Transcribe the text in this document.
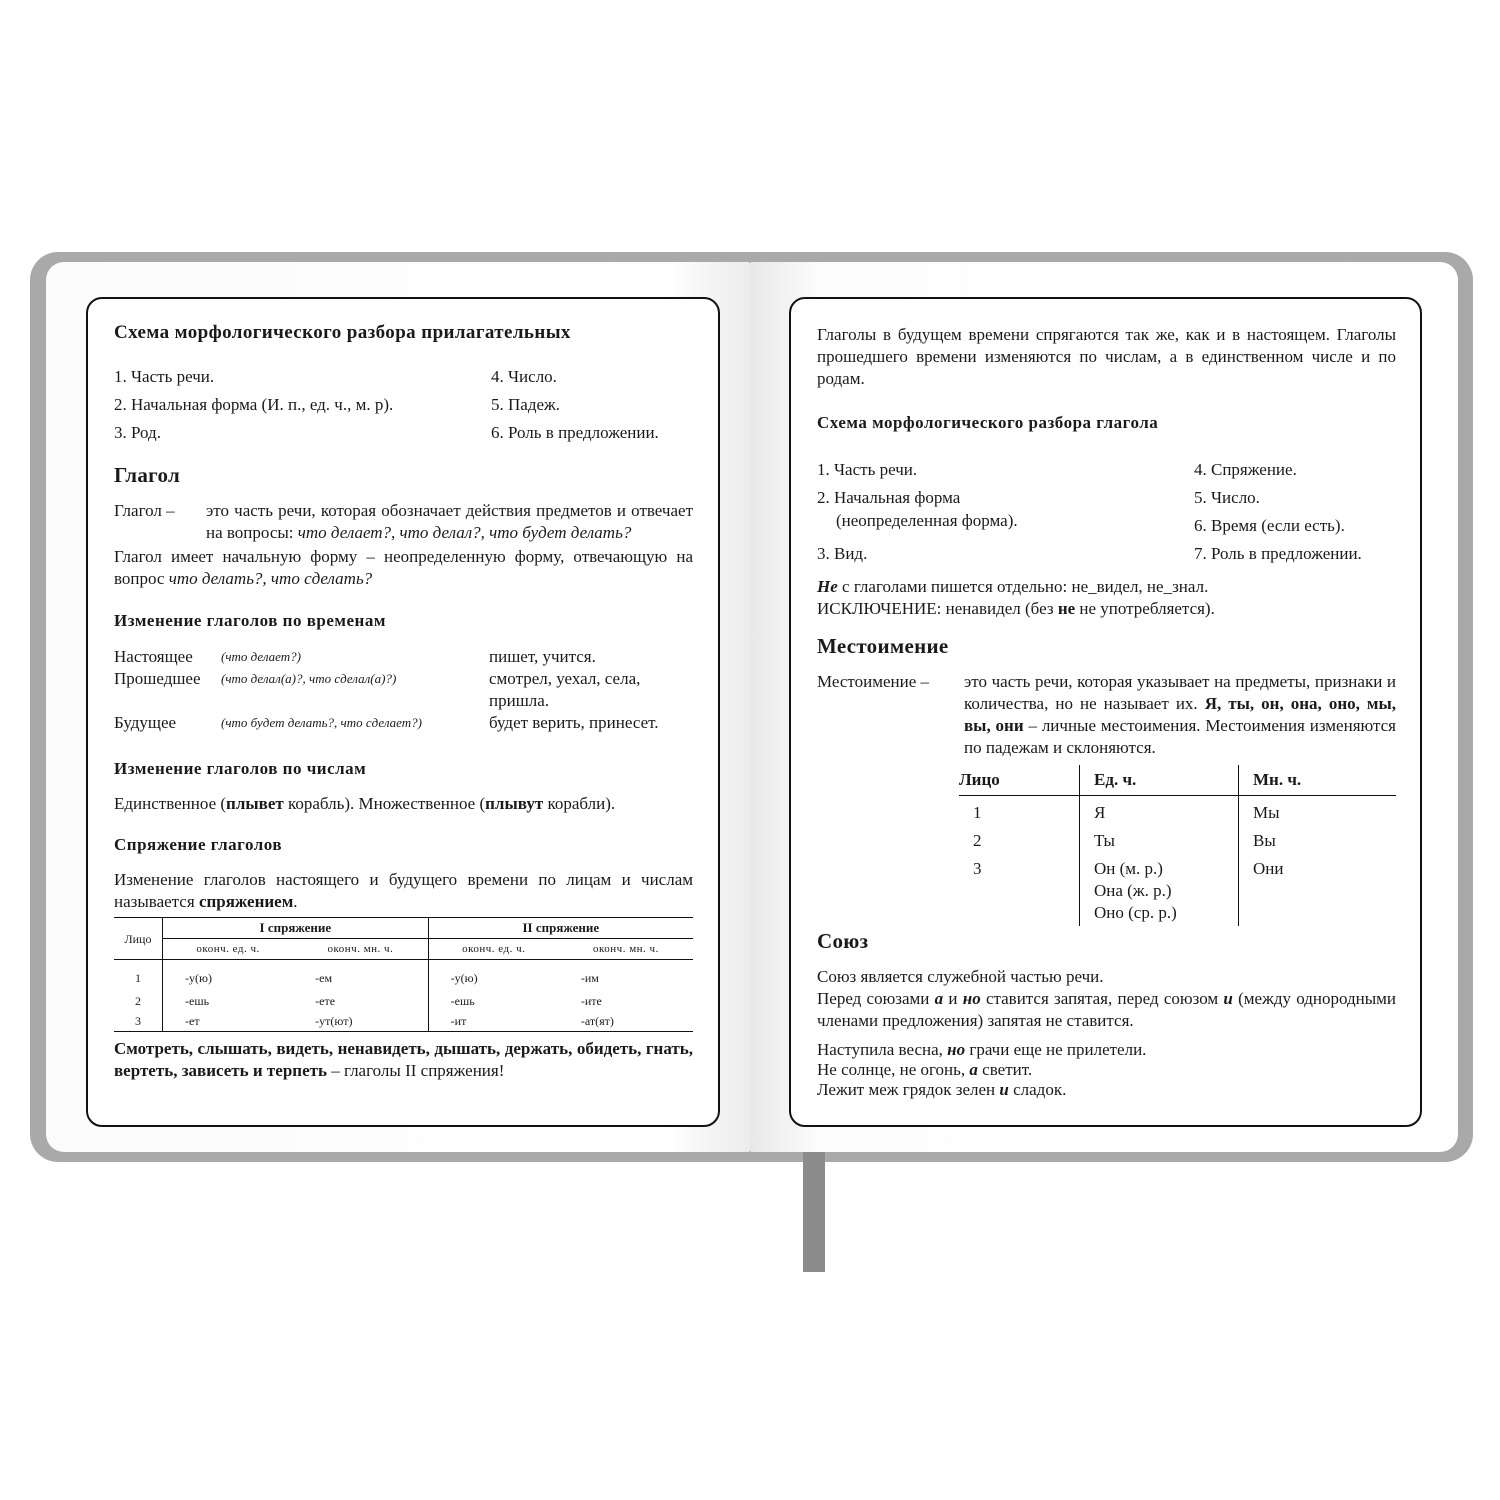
Схема морфологического разбора прилагательных
1. Часть речи.
2. Начальная форма (И. п., ед. ч., м. р).
3. Род.
4. Число.
5. Падеж.
6. Роль в предложении.
Глагол
Глагол –	это часть речи, которая обозначает действия предметов и отвечает на вопросы: что делает?, что делал?, что будет делать?
Глагол имеет начальную форму – неопределенную форму, отвечающую на вопрос что делать?, что сделать?
Изменение глаголов по временам
Настоящее	(что делает?)	пишет, учится.
Прошедшее	(что делал(а)?, что сделал(а)?)	смотрел, уехал, села, пришла.
Будущее	(что будет делать?, что сделает?)	будет верить, принесет.
Изменение глаголов по числам
Единственное (плывет корабль). Множественное (плывут корабли).
Спряжение глаголов
Изменение глаголов настоящего и будущего времени по лицам и числам называется спряжением.
Лицо	I спряжение		II спряжение	
	оконч. ед. ч.	оконч. мн. ч.	оконч. ед. ч.	оконч. мн. ч.
1	-у(ю)	-ем	-у(ю)	-им
2	-ешь	-ете	-ешь	-ите
3	-ет	-ут(ют)	-ит	-ат(ят)
Смотреть, слышать, видеть, ненавидеть, дышать, держать, обидеть, гнать, вертеть, зависеть и терпеть – глаголы II спряжения!
Глаголы в будущем времени спрягаются так же, как и в настоящем. Глаголы прошедшего времени изменяются по числам, а в единственном числе и по родам.
Схема морфологического разбора глагола
1. Часть речи.
2. Начальная форма
(неопределенная форма).
3. Вид.
4. Спряжение.
5. Число.
6. Время (если есть).
7. Роль в предложении.
Не с глаголами пишется отдельно: не_видел, не_знал.
ИСКЛЮЧЕНИЕ: ненавидел (без не не употребляется).
Местоимение
Местоимение –	это часть речи, которая указывает на предметы, признаки и количества, но не называет их. Я, ты, он, она, оно, мы, вы, они – личные местоимения. Местоимения изменяются по падежам и склоняются.
Лицо	Ед. ч.	Мн. ч.
1	Я	Мы
2	Ты	Вы
3	Он (м. р.)
Она (ж. р.)
Оно (ср. р.)	Они
Союз
Союз является служебной частью речи.
Перед союзами а и но ставится запятая, перед союзом и (между однородными членами предложения) запятая не ставится.
Наступила весна, но грачи еще не прилетели.
Не солнце, не огонь, а светит.
Лежит меж грядок зелен и сладок.
